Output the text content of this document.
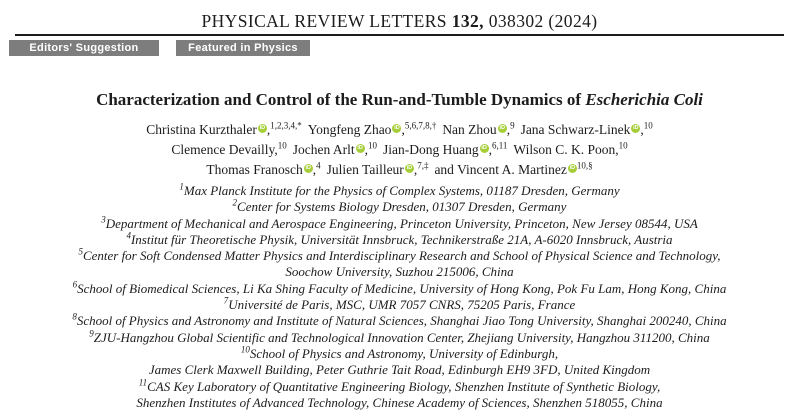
PHYSICAL REVIEW LETTERS 132, 038302 (2024)
Editors' Suggestion	Featured in Physics
Characterization and Control of the Run-and-Tumble Dynamics of Escherichia Coli
Christina Kurzthaler iD ,$^{1,2,3,4,*}$ Yongfeng Zhao iD ,$^{5,6,7,8,\dagger}$ Nan Zhou iD ,$^9$ Jana Schwarz-Linek iD ,$^{10}$
Clemence Devailly,$^{10}$ Jochen Arlt iD ,$^{10}$ Jian-Dong Huang iD ,$^{6,11}$ Wilson C. K. Poon,$^{10}$
Thomas Franosch iD ,$^4$ Julien Tailleur iD ,$^{7,\ddagger}$ and Vincent A. Martinez iD $^{10,\S}$
$^1$Max Planck Institute for the Physics of Complex Systems, 01187 Dresden, Germany
$^2$Center for Systems Biology Dresden, 01307 Dresden, Germany
$^3$Department of Mechanical and Aerospace Engineering, Princeton University, Princeton, New Jersey 08544, USA
$^4$Institut für Theoretische Physik, Universität Innsbruck, Technikerstraße 21A, A-6020 Innsbruck, Austria
$^5$Center for Soft Condensed Matter Physics and Interdisciplinary Research and School of Physical Science and Technology,
Soochow University, Suzhou 215006, China
$^6$School of Biomedical Sciences, Li Ka Shing Faculty of Medicine, University of Hong Kong, Pok Fu Lam, Hong Kong, China
$^7$Université de Paris, MSC, UMR 7057 CNRS, 75205 Paris, France
$^8$School of Physics and Astronomy and Institute of Natural Sciences, Shanghai Jiao Tong University, Shanghai 200240, China
$^9$ZJU-Hangzhou Global Scientific and Technological Innovation Center, Zhejiang University, Hangzhou 311200, China
$^{10}$School of Physics and Astronomy, University of Edinburgh,
James Clerk Maxwell Building, Peter Guthrie Tait Road, Edinburgh EH9 3FD, United Kingdom
$^{11}$CAS Key Laboratory of Quantitative Engineering Biology, Shenzhen Institute of Synthetic Biology,
Shenzhen Institutes of Advanced Technology, Chinese Academy of Sciences, Shenzhen 518055, China
